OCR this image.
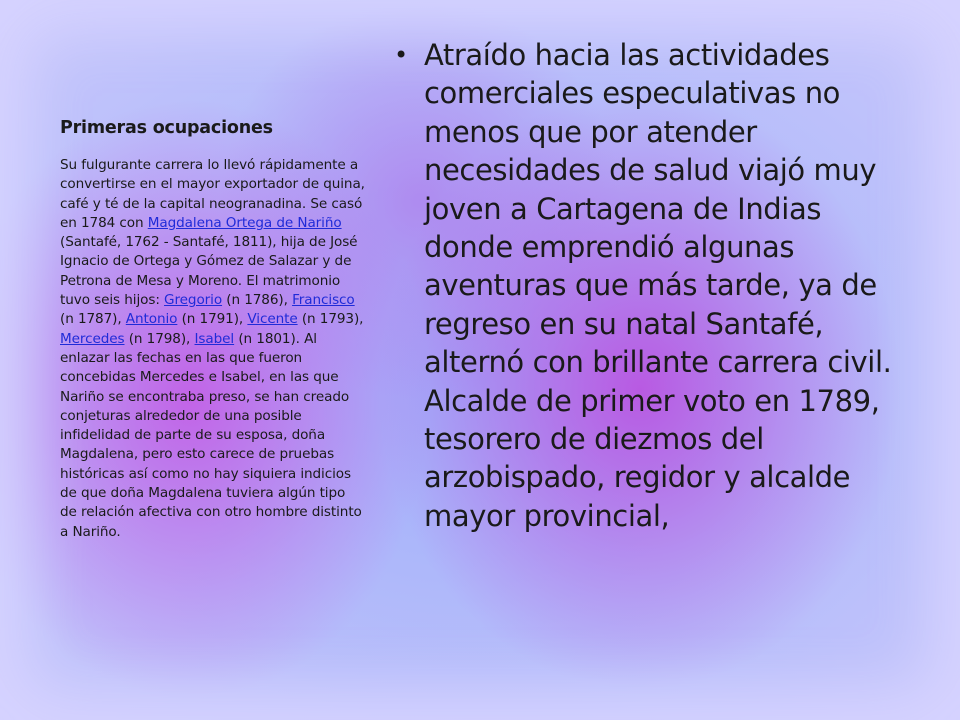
Primeras ocupaciones

Su fulgurante carrera lo llevó rápidamente a convertirse en el mayor exportador de quina, café y té de la capital neogranadina. Se casó en 1784 con Magdalena Ortega de Nariño (Santafé, 1762 - Santafé, 1811), hija de José Ignacio de Ortega y Gómez de Salazar y de Petrona de Mesa y Moreno. El matrimonio tuvo seis hijos: Gregorio (n 1786), Francisco (n 1787), Antonio (n 1791), Vicente (n 1793), Mercedes (n 1798), Isabel (n 1801). Al enlazar las fechas en las que fueron concebidas Mercedes e Isabel, en las que Nariño se encontraba preso, se han creado conjeturas alrededor de una posible infidelidad de parte de su esposa, doña Magdalena, pero esto carece de pruebas históricas así como no hay siquiera indicios de que doña Magdalena tuviera algún tipo de relación afectiva con otro hombre distinto a Nariño.

• Atraído hacia las actividades comerciales especulativas no menos que por atender necesidades de salud viajó muy joven a Cartagena de Indias donde emprendió algunas aventuras que más tarde, ya de regreso en su natal Santafé, alternó con brillante carrera civil. Alcalde de primer voto en 1789, tesorero de diezmos del arzobispado, regidor y alcalde mayor provincial,
